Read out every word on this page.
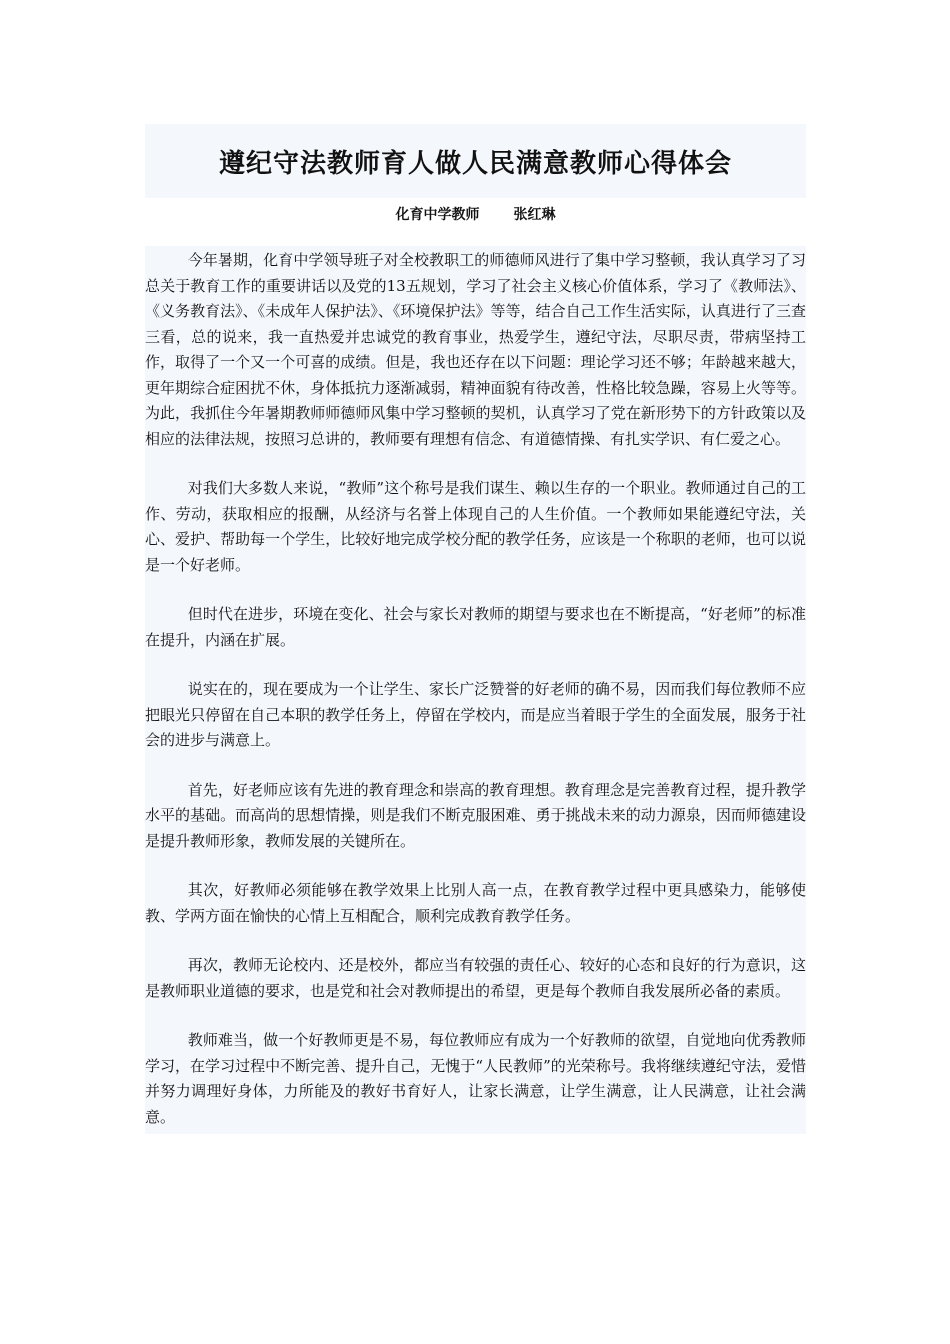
遵纪守法教师育人做人民满意教师心得体会
化育中学教师 张红琳

今年暑期，化育中学领导班子对全校教职工的师德师风进行了集中学习整顿，我认真学习了习总关于教育工作的重要讲话以及党的13五规划，学习了社会主义核心价值体系，学习了《教师法》、《义务教育法》、《未成年人保护法》、《环境保护法》等等，结合自己工作生活实际，认真进行了三查三看，总的说来，我一直热爱并忠诚党的教育事业，热爱学生，遵纪守法，尽职尽责，带病坚持工作，取得了一个又一个可喜的成绩。但是，我也还存在以下问题：理论学习还不够；年龄越来越大，更年期综合症困扰不休，身体抵抗力逐渐减弱，精神面貌有待改善，性格比较急躁，容易上火等等。为此，我抓住今年暑期教师师德师风集中学习整顿的契机，认真学习了党在新形势下的方针政策以及相应的法律法规，按照习总讲的，教师要有理想有信念、有道德情操、有扎实学识、有仁爱之心。

对我们大多数人来说，“教师”这个称号是我们谋生、赖以生存的一个职业。教师通过自己的工作、劳动，获取相应的报酬，从经济与名誉上体现自己的人生价值。一个教师如果能遵纪守法，关心、爱护、帮助每一个学生，比较好地完成学校分配的教学任务，应该是一个称职的老师，也可以说是一个好老师。

但时代在进步，环境在变化、社会与家长对教师的期望与要求也在不断提高，“好老师”的标准在提升，内涵在扩展。

说实在的，现在要成为一个让学生、家长广泛赞誉的好老师的确不易，因而我们每位教师不应把眼光只停留在自己本职的教学任务上，停留在学校内，而是应当着眼于学生的全面发展，服务于社会的进步与满意上。

首先，好老师应该有先进的教育理念和崇高的教育理想。教育理念是完善教育过程，提升教学水平的基础。而高尚的思想情操，则是我们不断克服困难、勇于挑战未来的动力源泉，因而师德建设是提升教师形象，教师发展的关键所在。

其次，好教师必须能够在教学效果上比别人高一点，在教育教学过程中更具感染力，能够使教、学两方面在愉快的心情上互相配合，顺利完成教育教学任务。

再次，教师无论校内、还是校外，都应当有较强的责任心、较好的心态和良好的行为意识，这是教师职业道德的要求，也是党和社会对教师提出的希望，更是每个教师自我发展所必备的素质。

教师难当，做一个好教师更是不易，每位教师应有成为一个好教师的欲望，自觉地向优秀教师学习，在学习过程中不断完善、提升自己，无愧于“人民教师”的光荣称号。我将继续遵纪守法，爱惜并努力调理好身体，力所能及的教好书育好人，让家长满意，让学生满意，让人民满意，让社会满意。
